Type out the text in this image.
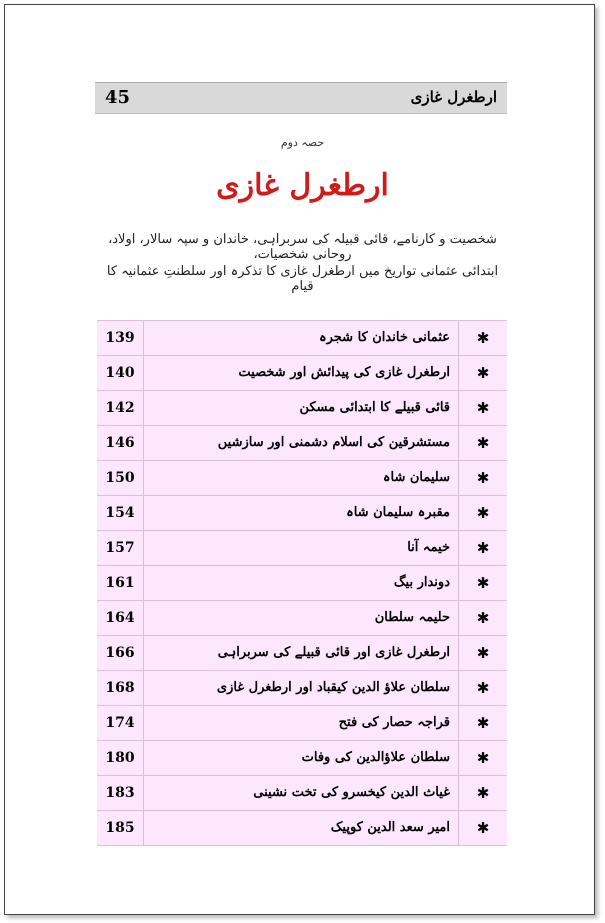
45	ارطغرل غازی
حصہ دوم
ارطغرل غازی
شخصیت و کارنامے، قائی قبیلہ کی سربراہی، خاندان و سپہ سالار، اولاد، روحانی شخصیات،
ابتدائی عثمانی تواریخ میں ارطغرل غازی کا تذکرہ اور سلطنتِ عثمانیہ کا قیام
139	عثمانی خاندان کا شجرہ	✱
140	ارطغرل غازی کی پیدائش اور شخصیت	✱
142	قائی قبیلے کا ابتدائی مسکن	✱
146	مستشرقین کی اسلام دشمنی اور سازشیں	✱
150	سلیمان شاہ	✱
154	مقبرہ سلیمان شاہ	✱
157	خیمہ آنا	✱
161	دوندار بیگ	✱
164	حلیمہ سلطان	✱
166	ارطغرل غازی اور قائی قبیلے کی سربراہی	✱
168	سلطان علاؤ الدین کیقباد اور ارطغرل غازی	✱
174	قراجہ حصار کی فتح	✱
180	سلطان علاؤالدین کی وفات	✱
183	غیاث الدین کیخسرو کی تخت نشینی	✱
185	امیر سعد الدین کوپیک	✱
